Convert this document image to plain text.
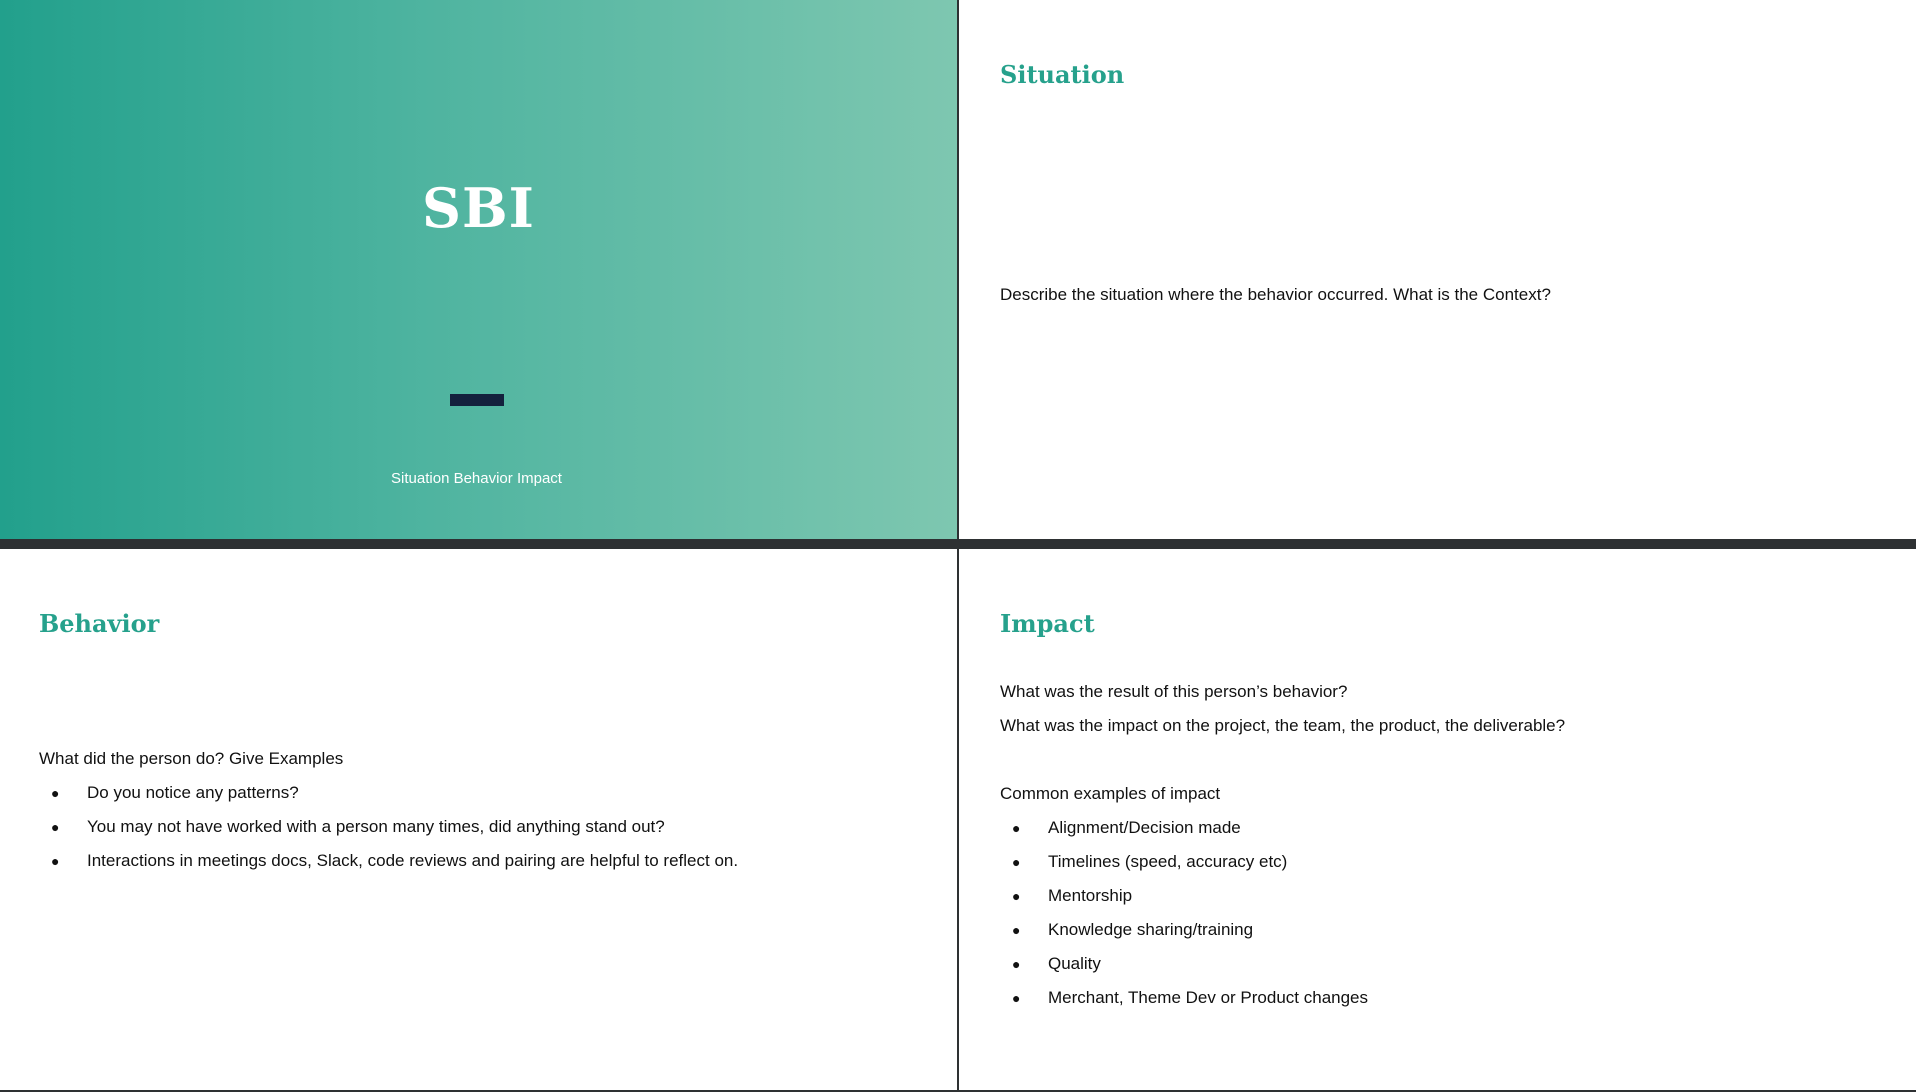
SBI
Situation Behavior Impact
Situation
Describe the situation where the behavior occurred. What is the Context?
Behavior

What did the person do? Give Examples

● Do you notice any patterns?
● You may not have worked with a person many times, did anything stand out?
● Interactions in meetings docs, Slack, code reviews and pairing are helpful to reflect on.
Impact

What was the result of this person’s behavior?

What was the impact on the project, the team, the product, the deliverable?

Common examples of impact

● Alignment/Decision made
● Timelines (speed, accuracy etc)
● Mentorship
● Knowledge sharing/training
● Quality
● Merchant, Theme Dev or Product changes
